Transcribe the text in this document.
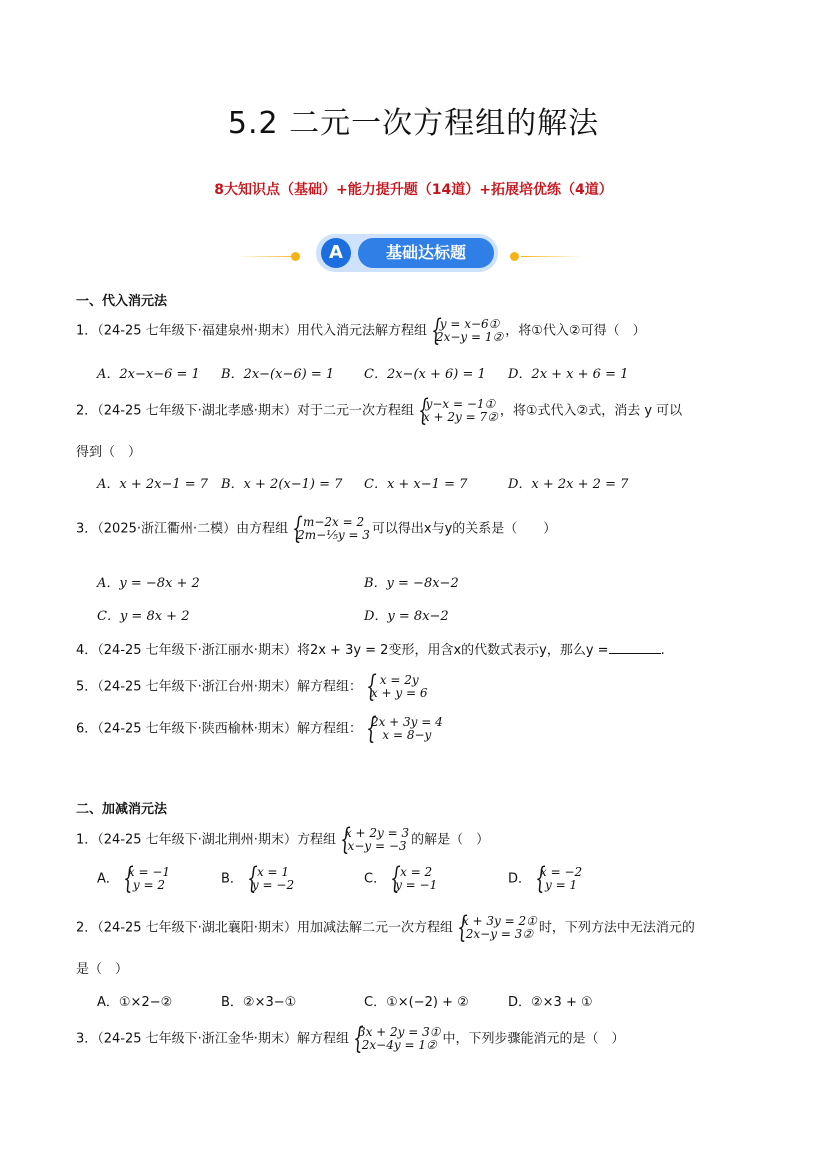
5.2 二元一次方程组的解法
8大知识点（基础）+能力提升题（14道）+拓展培优练（4道）
A	基础达标题
一、代入消元法
1．（24-25 七年级下·福建泉州·期末）用代入消元法解方程组	{ y = x−6①
2x−y = 1② ，将①代入②可得（　）
A．2x−x−6 = 1 B．2x−(x−6) = 1 C．2x−(x + 6) = 1 D．2x + x + 6 = 1
2．（24-25 七年级下·湖北孝感·期末）对于二元一次方程组 { y−x = −1①
x + 2y = 7② ，将①式代入②式，消去 y 可以
得到（　）
A．x + 2x−1 = 7 B．x + 2(x−1) = 7 C．x + x−1 = 7	D．x + 2x + 2 = 7
3．（2025·浙江衢州·二模）由方程组	{ m−2x = 2
2m−⅕y = 3 可以得出x与y的关系是（　　）
A．y = −8x + 2	B．y = −8x−2
C．y = 8x + 2	D．y = 8x−2
4．（24-25 七年级下·浙江丽水·期末）将2x + 3y = 2变形，用含x的代数式表示y，那么y =	.
5．（24-25 七年级下·浙江台州·期末）解方程组：	{ x = 2y
x + y = 6
6．（24-25 七年级下·陕西榆林·期末）解方程组： { 2x + 3y = 4
x = 8−y
二、加减消元法
1．（24-25 七年级下·湖北荆州·期末）方程组 { x + 2y = 3
x−y = −3 的解是（　）
A． { x = −1
y = 2	B．	{ x = 1
y = −2	C．	{ x = 2
y = −1	D． { x = −2
y = 1
2．（24-25 七年级下·湖北襄阳·期末）用加减法解二元一次方程组 { x + 3y = 2①
2x−y = 3② 时，下列方法中无法消元的
是（　）
A．①×2−②	B．②×3−①	C．①×(−2) + ②	D．②×3 + ①
3．（24-25 七年级下·浙江金华·期末）解方程组 { 3x + 2y = 3①
2x−4y = 1② 中，下列步骤能消元的是（　）
